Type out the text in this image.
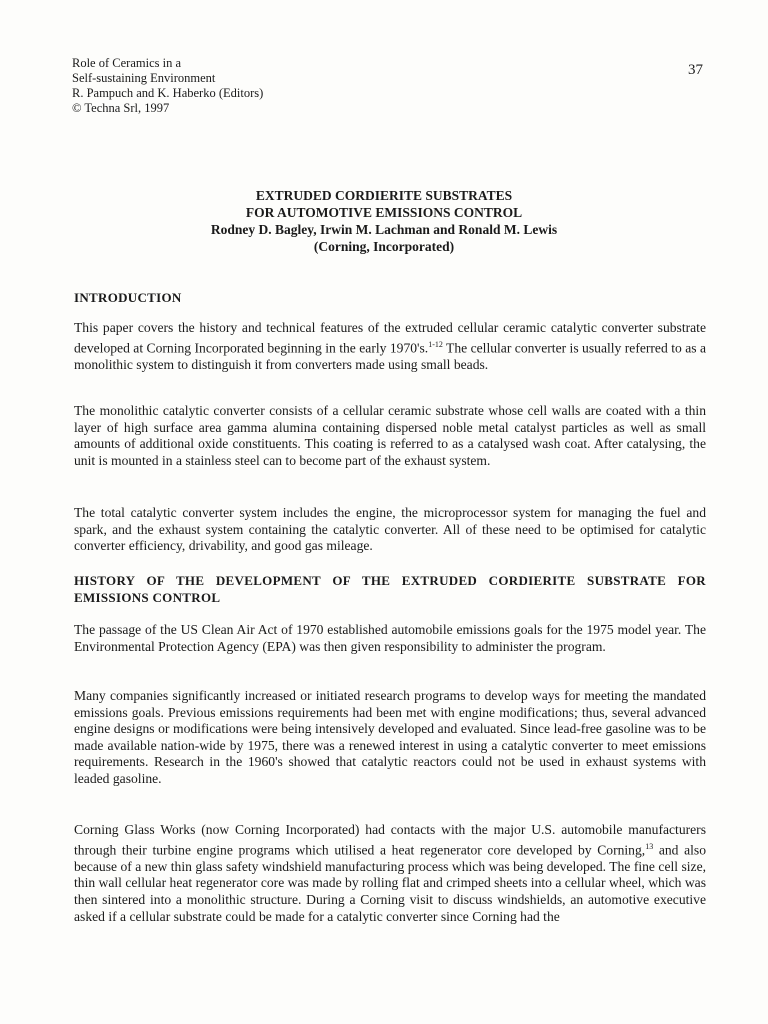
Role of Ceramics in a
Self-sustaining Environment
R. Pampuch and K. Haberko (Editors)
© Techna Srl, 1997
37
EXTRUDED CORDIERITE SUBSTRATES
FOR AUTOMOTIVE EMISSIONS CONTROL
Rodney D. Bagley, Irwin M. Lachman and Ronald M. Lewis
(Corning, Incorporated)
INTRODUCTION

This paper covers the history and technical features of the extruded cellular ceramic catalytic converter substrate developed at Corning Incorporated beginning in the early 1970's.$^{1-12}$ The cellular converter is usually referred to as a monolithic system to distinguish it from converters made using small beads.

The monolithic catalytic converter consists of a cellular ceramic substrate whose cell walls are coated with a thin layer of high surface area gamma alumina containing dispersed noble metal catalyst particles as well as small amounts of additional oxide constituents. This coating is referred to as a catalysed wash coat. After catalysing, the unit is mounted in a stainless steel can to become part of the exhaust system.

The total catalytic converter system includes the engine, the microprocessor system for managing the fuel and spark, and the exhaust system containing the catalytic converter. All of these need to be optimised for catalytic converter efficiency, drivability, and good gas mileage.

HISTORY OF THE DEVELOPMENT OF THE EXTRUDED CORDIERITE SUBSTRATE FOR EMISSIONS CONTROL

The passage of the US Clean Air Act of 1970 established automobile emissions goals for the 1975 model year. The Environmental Protection Agency (EPA) was then given responsibility to administer the program.

Many companies significantly increased or initiated research programs to develop ways for meeting the mandated emissions goals. Previous emissions requirements had been met with engine modifications; thus, several advanced engine designs or modifications were being intensively developed and evaluated. Since lead-free gasoline was to be made available nation-wide by 1975, there was a renewed interest in using a catalytic converter to meet emissions requirements. Research in the 1960's showed that catalytic reactors could not be used in exhaust systems with leaded gasoline.

Corning Glass Works (now Corning Incorporated) had contacts with the major U.S. automobile manufacturers through their turbine engine programs which utilised a heat regenerator core developed by Corning,$^{13}$ and also because of a new thin glass safety windshield manufacturing process which was being developed. The fine cell size, thin wall cellular heat regenerator core was made by rolling flat and crimped sheets into a cellular wheel, which was then sintered into a monolithic structure. During a Corning visit to discuss windshields, an automotive executive asked if a cellular substrate could be made for a catalytic converter since Corning had the
